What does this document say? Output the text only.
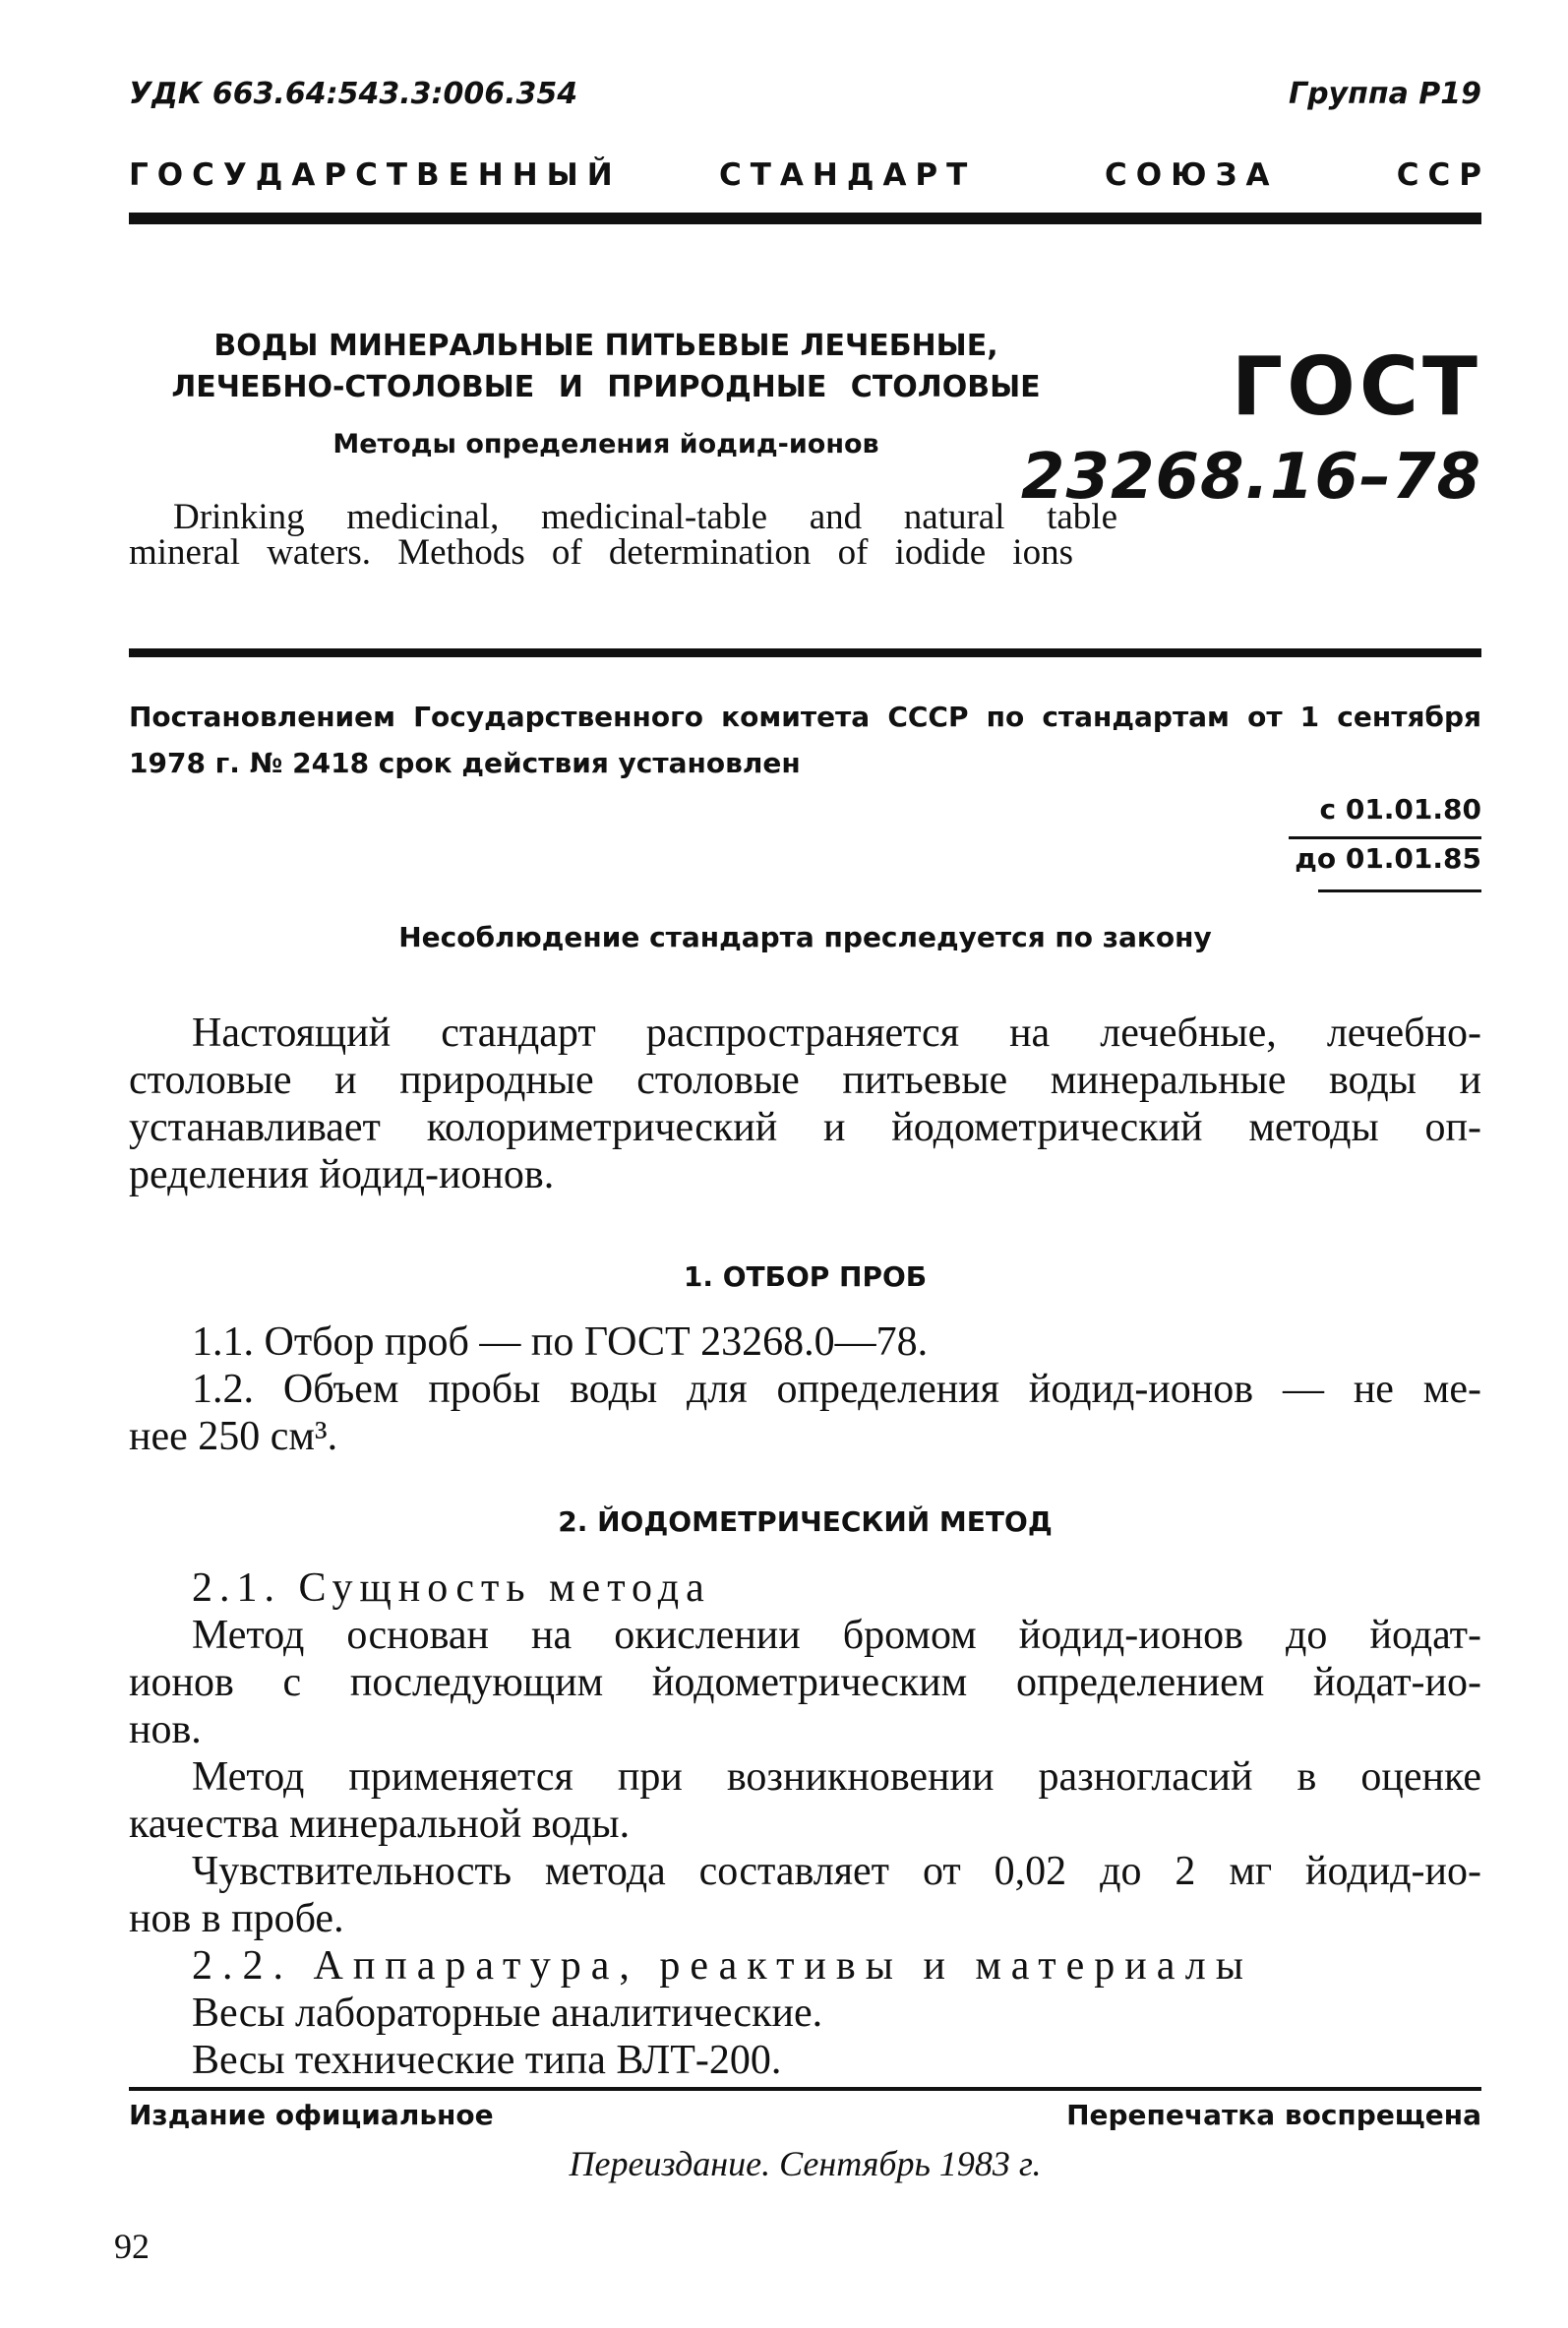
УДК 663.64:543.3:006.354	Группа Р19
ГОСУДАРСТВЕННЫЙ	СТАНДАРТ	СОЮЗА	ССР
ВОДЫ МИНЕРАЛЬНЫЕ ПИТЬЕВЫЕ ЛЕЧЕБНЫЕ,
ЛЕЧЕБНО-СТОЛОВЫЕ И ПРИРОДНЫЕ СТОЛОВЫЕ
Методы определения йодид-ионов
Drinking medicinal, medicinal-table and natural table
mineral waters. Methods of determination of iodide ions
ГОСТ
23268.16–78
Постановлением Государственного комитета СССР по стандартам от 1 сентября
1978 г. № 2418 срок действия установлен
с 01.01.80
до 01.01.85
Несоблюдение стандарта преследуется по закону
Настоящий стандарт распространяется на лечебные, лечебно-
столовые и природные столовые питьевые минеральные воды и
устанавливает колориметрический и йодометрический методы оп-
ределения йодид-ионов.
1. ОТБОР ПРОБ
1.1. Отбор проб — по ГОСТ 23268.0—78.
1.2. Объем пробы воды для определения йодид-ионов — не ме-
нее 250 см³.
2. ЙОДОМЕТРИЧЕСКИЙ МЕТОД
2.1. Сущность метода
Метод основан на окислении бромом йодид-ионов до йодат-
ионов с последующим йодометрическим определением йодат-ио-
нов.
Метод применяется при возникновении разногласий в оценке
качества минеральной воды.
Чувствительность метода составляет от 0,02 до 2 мг йодид-ио-
нов в пробе.
2.2. Аппаратура, реактивы и материалы
Весы лабораторные аналитические.
Весы технические типа ВЛТ-200.
Издание официальное	Перепечатка воспрещена
Переиздание. Сентябрь 1983 г.
92
